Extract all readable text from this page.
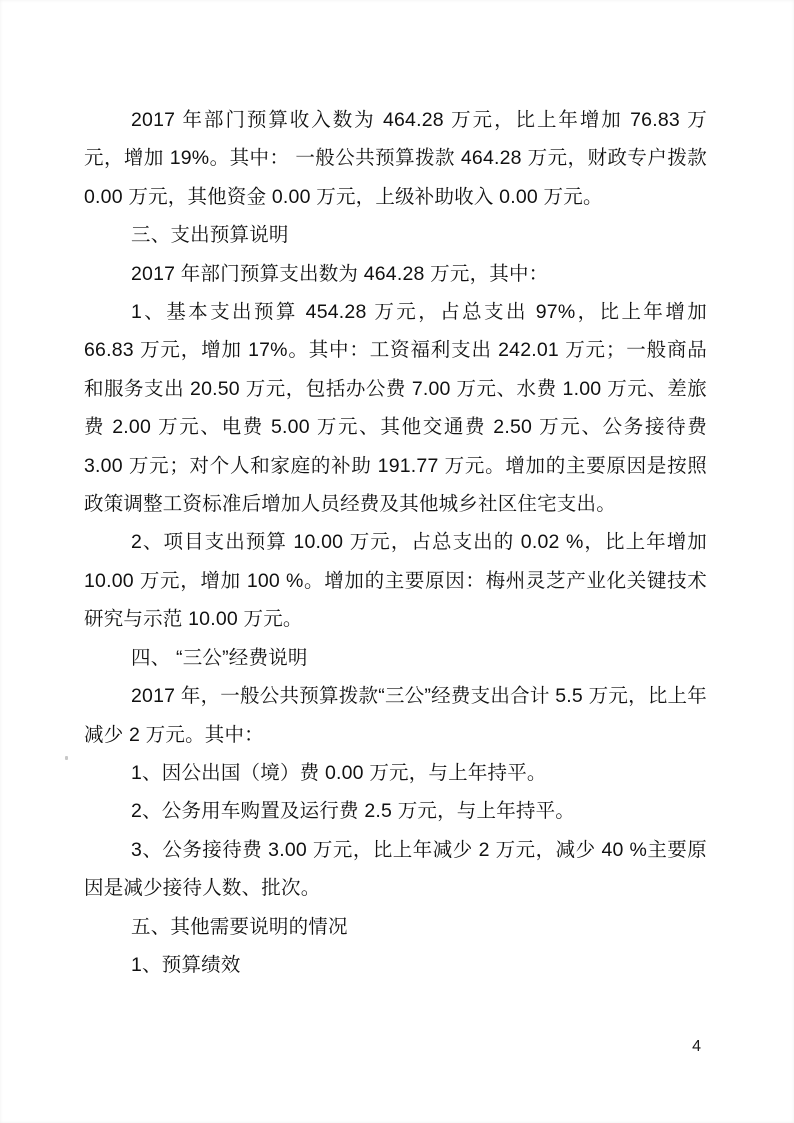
2017 年部门预算收入数为 464.28 万元，比上年增加 76.83 万元，增加 19%。其中： 一般公共预算拨款 464.28 万元，财政专户拨款 0.00 万元，其他资金 0.00 万元，上级补助收入 0.00 万元。

三、支出预算说明

2017 年部门预算支出数为 464.28 万元，其中：

1、基本支出预算 454.28 万元，占总支出 97%，比上年增加 66.83 万元，增加 17%。其中：工资福利支出 242.01 万元；一般商品和服务支出 20.50 万元，包括办公费 7.00 万元、水费 1.00 万元、差旅费 2.00 万元、电费 5.00 万元、其他交通费 2.50 万元、公务接待费 3.00 万元；对个人和家庭的补助 191.77 万元。增加的主要原因是按照政策调整工资标准后增加人员经费及其他城乡社区住宅支出。

2、项目支出预算 10.00 万元，占总支出的 0.02 %，比上年增加 10.00 万元，增加 100 %。增加的主要原因：梅州灵芝产业化关键技术研究与示范 10.00 万元。

四、 “三公”经费说明

2017 年，一般公共预算拨款“三公”经费支出合计 5.5 万元，比上年减少 2 万元。其中：

1、因公出国（境）费 0.00 万元，与上年持平。

2、公务用车购置及运行费 2.5 万元，与上年持平。

3、公务接待费 3.00 万元，比上年减少 2 万元，减少 40 %主要原因是减少接待人数、批次。

五、其他需要说明的情况

1、预算绩效

4
